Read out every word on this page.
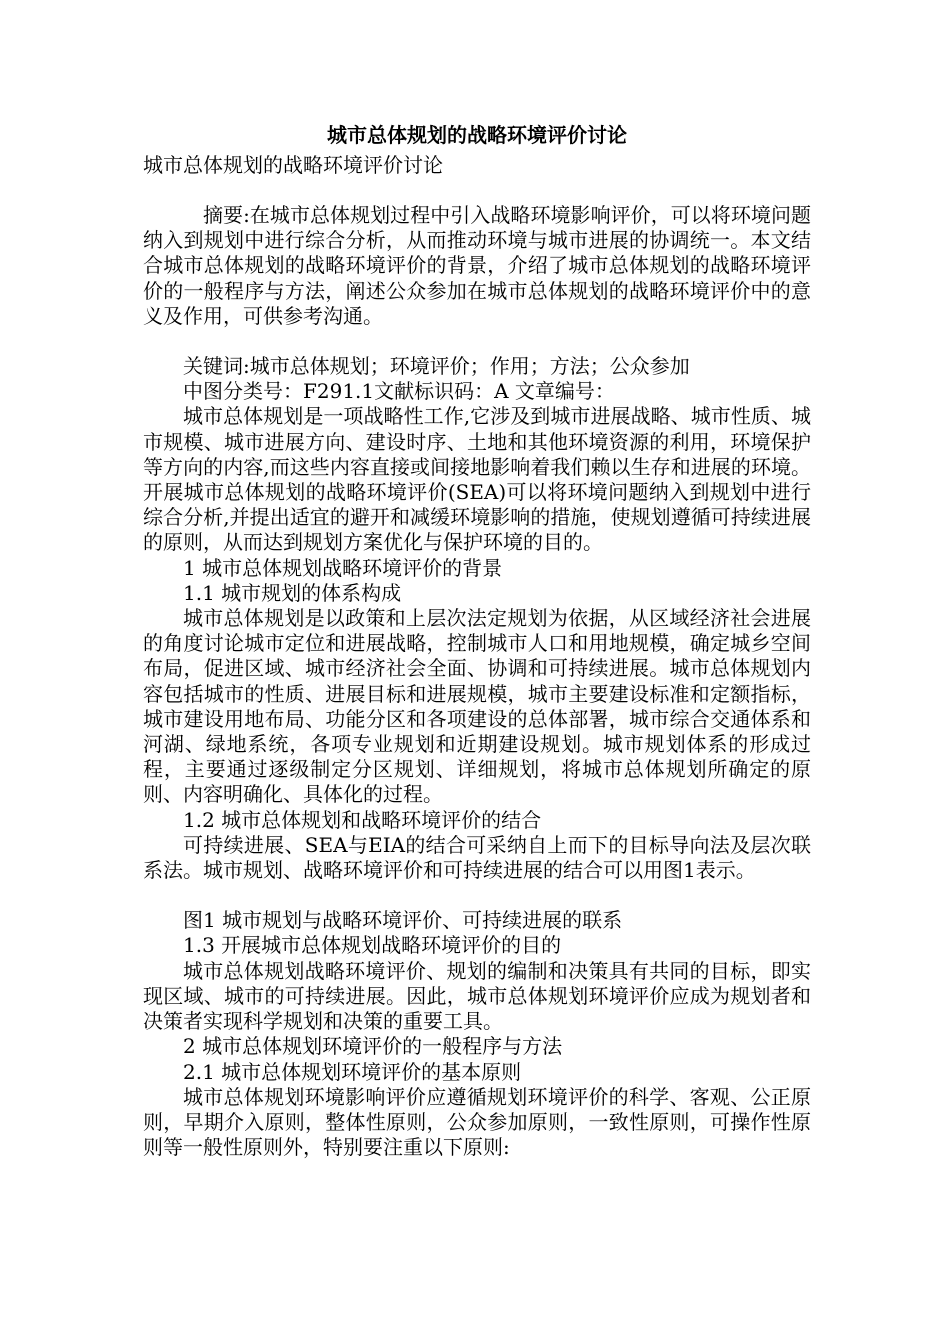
城市总体规划的战略环境评价讨论

城市总体规划的战略环境评价讨论

摘要:在城市总体规划过程中引入战略环境影响评价，可以将环境问题纳入到规划中进行综合分析，从而推动环境与城市进展的协调统一。本文结合城市总体规划的战略环境评价的背景，介绍了城市总体规划的战略环境评价的一般程序与方法，阐述公众参加在城市总体规划的战略环境评价中的意义及作用，可供参考沟通。

关键词:城市总体规划；环境评价；作用；方法；公众参加

中图分类号：F291.1文献标识码：A 文章编号：

城市总体规划是一项战略性工作,它涉及到城市进展战略、城市性质、城市规模、城市进展方向、建设时序、土地和其他环境资源的利用，环境保护等方向的内容,而这些内容直接或间接地影响着我们赖以生存和进展的环境。开展城市总体规划的战略环境评价(SEA)可以将环境问题纳入到规划中进行综合分析,并提出适宜的避开和减缓环境影响的措施，使规划遵循可持续进展的原则，从而达到规划方案优化与保护环境的目的。

1 城市总体规划战略环境评价的背景

1.1 城市规划的体系构成

城市总体规划是以政策和上层次法定规划为依据，从区域经济社会进展的角度讨论城市定位和进展战略，控制城市人口和用地规模，确定城乡空间布局，促进区域、城市经济社会全面、协调和可持续进展。城市总体规划内容包括城市的性质、进展目标和进展规模，城市主要建设标准和定额指标，城市建设用地布局、功能分区和各项建设的总体部署，城市综合交通体系和河湖、绿地系统，各项专业规划和近期建设规划。城市规划体系的形成过程，主要通过逐级制定分区规划、详细规划，将城市总体规划所确定的原则、内容明确化、具体化的过程。

1.2 城市总体规划和战略环境评价的结合

可持续进展、SEA与EIA的结合可采纳自上而下的目标导向法及层次联系法。城市规划、战略环境评价和可持续进展的结合可以用图1表示。

图1 城市规划与战略环境评价、可持续进展的联系

1.3 开展城市总体规划战略环境评价的目的

城市总体规划战略环境评价、规划的编制和决策具有共同的目标，即实现区域、城市的可持续进展。因此，城市总体规划环境评价应成为规划者和决策者实现科学规划和决策的重要工具。

2 城市总体规划环境评价的一般程序与方法

2.1 城市总体规划环境评价的基本原则

城市总体规划环境影响评价应遵循规划环境评价的科学、客观、公正原则，早期介入原则，整体性原则，公众参加原则，一致性原则，可操作性原则等一般性原则外，特别要注重以下原则:
